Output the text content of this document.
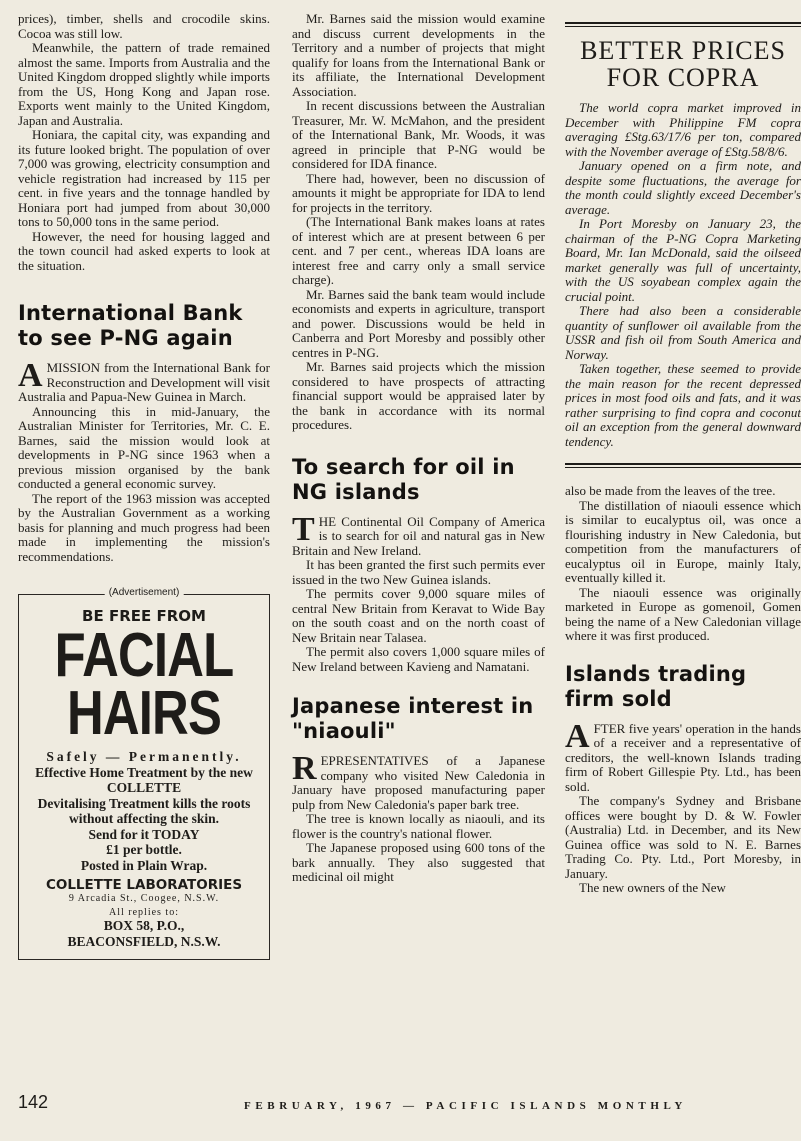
prices), timber, shells and crocodile skins. Cocoa was still low.

Meanwhile, the pattern of trade remained almost the same. Imports from Australia and the United Kingdom dropped slightly while imports from the US, Hong Kong and Japan rose. Exports went mainly to the United Kingdom, Japan and Australia.

Honiara, the capital city, was expanding and its future looked bright. The population of over 7,000 was growing, electricity consumption and vehicle registration had increased by 115 per cent. in five years and the tonnage handled by Honiara port had jumped from about 30,000 tons to 50,000 tons in the same period.

However, the need for housing lagged and the town council had asked experts to look at the situation.

International Bank to see P-NG again

AMISSION from the International Bank for Reconstruction and Development will visit Australia and Papua-New Guinea in March.

Announcing this in mid-January, the Australian Minister for Territories, Mr. C. E. Barnes, said the mission would look at developments in P-NG since 1963 when a previous mission organised by the bank conducted a general economic survey.

The report of the 1963 mission was accepted by the Australian Government as a working basis for planning and much progress had been made in implementing the mission's recommendations.

(Advertisement)
BE FREE FROM
FACIAL
HAIRS
Safely — Permanently.
Effective Home Treatment by the new
COLLETTE
Devitalising Treatment kills the roots without affecting the skin.
Send for it TODAY
£1 per bottle.
Posted in Plain Wrap.
COLLETTE LABORATORIES
9 Arcadia St., Coogee, N.S.W.
All replies to:
BOX 58, P.O.,
BEACONSFIELD, N.S.W.

Mr. Barnes said the mission would examine and discuss current developments in the Territory and a number of projects that might qualify for loans from the International Bank or its affiliate, the International Development Association.

In recent discussions between the Australian Treasurer, Mr. W. McMahon, and the president of the International Bank, Mr. Woods, it was agreed in principle that P-NG would be considered for IDA finance.

There had, however, been no discussion of amounts it might be appropriate for IDA to lend for projects in the territory.

(The International Bank makes loans at rates of interest which are at present between 6 per cent. and 7 per cent., whereas IDA loans are interest free and carry only a small service charge).

Mr. Barnes said the bank team would include economists and experts in agriculture, transport and power. Discussions would be held in Canberra and Port Moresby and possibly other centres in P-NG.

Mr. Barnes said projects which the mission considered to have prospects of attracting financial support would be appraised later by the bank in accordance with its normal procedures.

To search for oil in NG islands

THE Continental Oil Company of America is to search for oil and natural gas in New Britain and New Ireland.

It has been granted the first such permits ever issued in the two New Guinea islands.

The permits cover 9,000 square miles of central New Britain from Keravat to Wide Bay on the south coast and on the north coast of New Britain near Talasea.

The permit also covers 1,000 square miles of New Ireland between Kavieng and Namatani.

Japanese interest in "niaouli"

REPRESENTATIVES of a Japanese company who visited New Caledonia in January have proposed manufacturing paper pulp from New Caledonia's paper bark tree.

The tree is known locally as niaouli, and its flower is the country's national flower.

The Japanese proposed using 600 tons of the bark annually. They also suggested that medicinal oil might

BETTER PRICES
FOR COPRA

The world copra market improved in December with Philippine FM copra averaging £Stg.63/17/6 per ton, compared with the November average of £Stg.58/8/6.

January opened on a firm note, and despite some fluctuations, the average for the month could slightly exceed December's average.

In Port Moresby on January 23, the chairman of the P-NG Copra Marketing Board, Mr. Ian McDonald, said the oilseed market generally was full of uncertainty, with the US soyabean complex again the crucial point.

There had also been a considerable quantity of sunflower oil available from the USSR and fish oil from South America and Norway.

Taken together, these seemed to provide the main reason for the recent depressed prices in most food oils and fats, and it was rather surprising to find copra and coconut oil an exception from the general downward tendency.

also be made from the leaves of the tree.

The distillation of niaouli essence which is similar to eucalyptus oil, was once a flourishing industry in New Caledonia, but competition from the manufacturers of eucalyptus oil in Europe, mainly Italy, eventually killed it.

The niaouli essence was originally marketed in Europe as gomenoil, Gomen being the name of a New Caledonian village where it was first produced.

Islands trading firm sold

AFTER five years' operation in the hands of a receiver and a representative of creditors, the well-known Islands trading firm of Robert Gillespie Pty. Ltd., has been sold.

The company's Sydney and Brisbane offices were bought by D. & W. Fowler (Australia) Ltd. in December, and its New Guinea office was sold to N. E. Barnes Trading Co. Pty. Ltd., Port Moresby, in January.

The new owners of the New

142	FEBRUARY, 1967 — PACIFIC ISLANDS MONTHLY
